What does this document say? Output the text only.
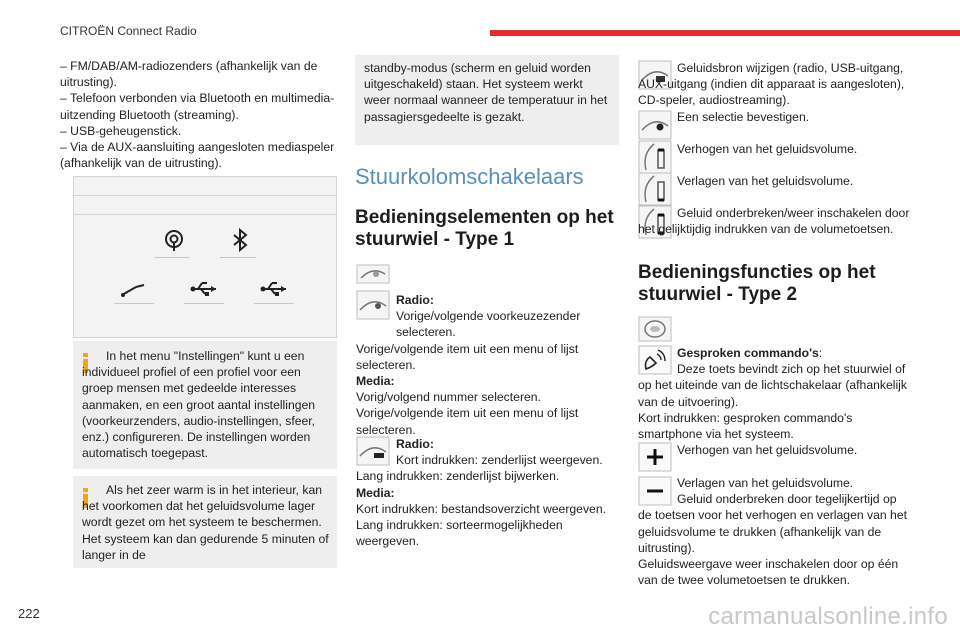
CITROËN Connect Radio

– FM/DAB/AM-radiozenders (afhankelijk van de uitrusting).

– Telefoon verbonden via Bluetooth en multimedia-uitzending Bluetooth (streaming).

– USB-geheugenstick.

– Via de AUX-aansluiting aangesloten mediaspeler (afhankelijk van de uitrusting).

In het menu "Instellingen" kunt u een individueel profiel of een profiel voor een groep mensen met gedeelde interesses aanmaken, en een groot aantal instellingen (voorkeurzenders, audio-instellingen, sfeer, enz.) configureren. De instellingen worden automatisch toegepast.

Als het zeer warm is in het interieur, kan het voorkomen dat het geluidsvolume lager wordt gezet om het systeem te beschermen. Het systeem kan dan gedurende 5 minuten of langer in de

standby-modus (scherm en geluid worden uitgeschakeld) staan. Het systeem werkt weer normaal wanneer de temperatuur in het passagiersgedeelte is gezakt.

Stuurkolomschakelaars
Bedieningselementen op het stuurwiel - Type 1

Radio:

Vorige/volgende voorkeuzezender selecteren.

Vorige/volgende item uit een menu of lijst selecteren.

Media:

Vorig/volgend nummer selecteren.

Vorige/volgende item uit een menu of lijst selecteren.

Radio:

Kort indrukken: zenderlijst weergeven.

Lang indrukken: zenderlijst bijwerken.

Media:

Kort indrukken: bestandsoverzicht weergeven.

Lang indrukken: sorteermogelijkheden weergeven.

Geluidsbron wijzigen (radio, USB-uitgang, AUX-uitgang (indien dit apparaat is aangesloten), CD-speler, audiostreaming).

Een selectie bevestigen.

Verhogen van het geluidsvolume.

Verlagen van het geluidsvolume.

Geluid onderbreken/weer inschakelen door het gelijktijdig indrukken van de volumetoetsen.

Bedieningsfuncties op het stuurwiel - Type 2

Gesproken commando's:

Deze toets bevindt zich op het stuurwiel of op het uiteinde van de lichtschakelaar (afhankelijk van de uitvoering).

Kort indrukken: gesproken commando's smartphone via het systeem.

Verhogen van het geluidsvolume.

Verlagen van het geluidsvolume.

Geluid onderbreken door tegelijkertijd op de toetsen voor het verhogen en verlagen van het geluidsvolume te drukken (afhankelijk van de uitrusting).

Geluidsweergave weer inschakelen door op één van de twee volumetoetsen te drukken.

222	carmanualsonline.info
